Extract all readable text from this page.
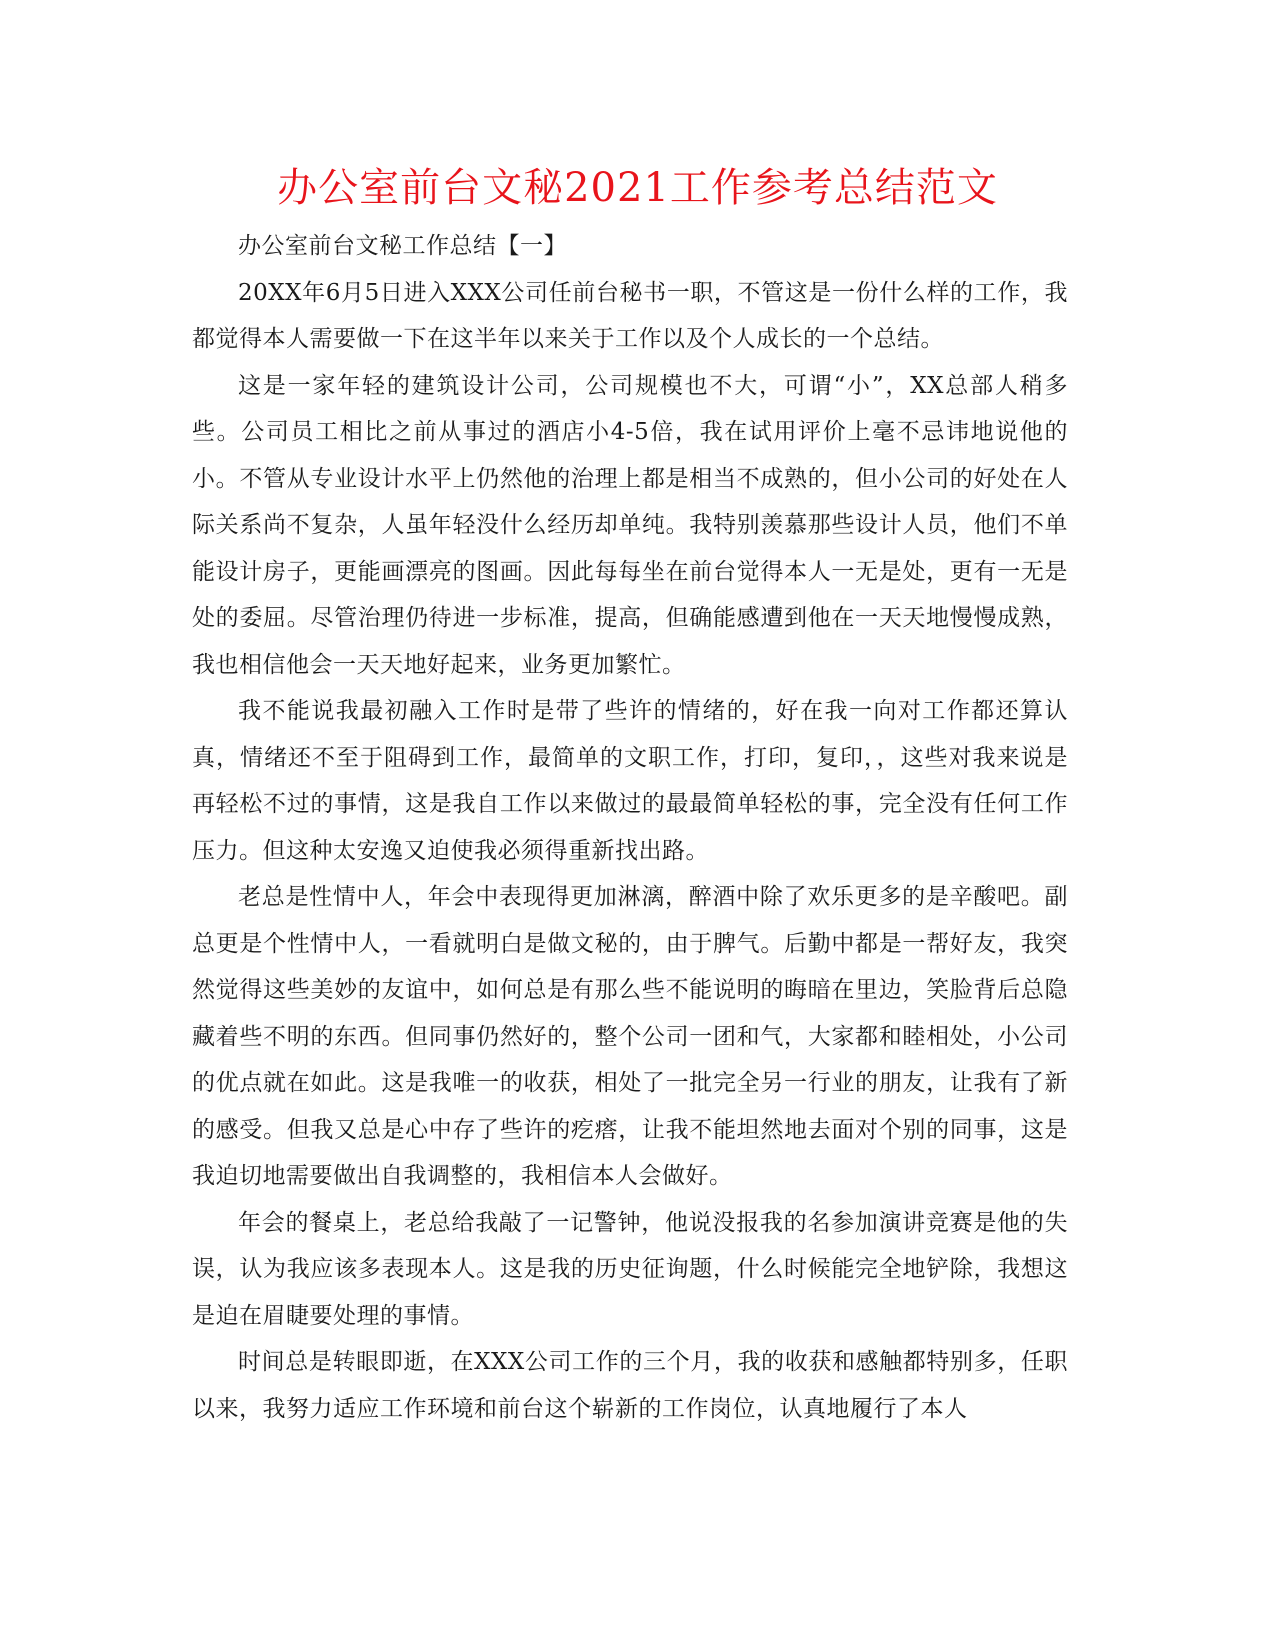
办公室前台文秘2021工作参考总结范文

办公室前台文秘工作总结【一】

20XX年6月5日进入XXX公司任前台秘书一职，不管这是一份什么样的工作，我都觉得本人需要做一下在这半年以来关于工作以及个人成长的一个总结。

这是一家年轻的建筑设计公司，公司规模也不大，可谓“小”，XX总部人稍多些。公司员工相比之前从事过的酒店小4-5倍，我在试用评价上毫不忌讳地说他的小。不管从专业设计水平上仍然他的治理上都是相当不成熟的，但小公司的好处在人际关系尚不复杂，人虽年轻没什么经历却单纯。我特别羡慕那些设计人员，他们不单能设计房子，更能画漂亮的图画。因此每每坐在前台觉得本人一无是处，更有一无是处的委屈。尽管治理仍待进一步标准，提高，但确能感遭到他在一天天地慢慢成熟，我也相信他会一天天地好起来，业务更加繁忙。

我不能说我最初融入工作时是带了些许的情绪的，好在我一向对工作都还算认真，情绪还不至于阻碍到工作，最简单的文职工作，打印，复印，，这些对我来说是再轻松不过的事情，这是我自工作以来做过的最最简单轻松的事，完全没有任何工作压力。但这种太安逸又迫使我必须得重新找出路。

老总是性情中人，年会中表现得更加淋漓，醉酒中除了欢乐更多的是辛酸吧。副总更是个性情中人，一看就明白是做文秘的，由于脾气。后勤中都是一帮好友，我突然觉得这些美妙的友谊中，如何总是有那么些不能说明的晦暗在里边，笑脸背后总隐藏着些不明的东西。但同事仍然好的，整个公司一团和气，大家都和睦相处，小公司的优点就在如此。这是我唯一的收获，相处了一批完全另一行业的朋友，让我有了新的感受。但我又总是心中存了些许的疙瘩，让我不能坦然地去面对个别的同事，这是我迫切地需要做出自我调整的，我相信本人会做好。

年会的餐桌上，老总给我敲了一记警钟，他说没报我的名参加演讲竞赛是他的失误，认为我应该多表现本人。这是我的历史征询题，什么时候能完全地铲除，我想这是迫在眉睫要处理的事情。

时间总是转眼即逝，在XXX公司工作的三个月，我的收获和感触都特别多，任职以来，我努力适应工作环境和前台这个崭新的工作岗位，认真地履行了本人
